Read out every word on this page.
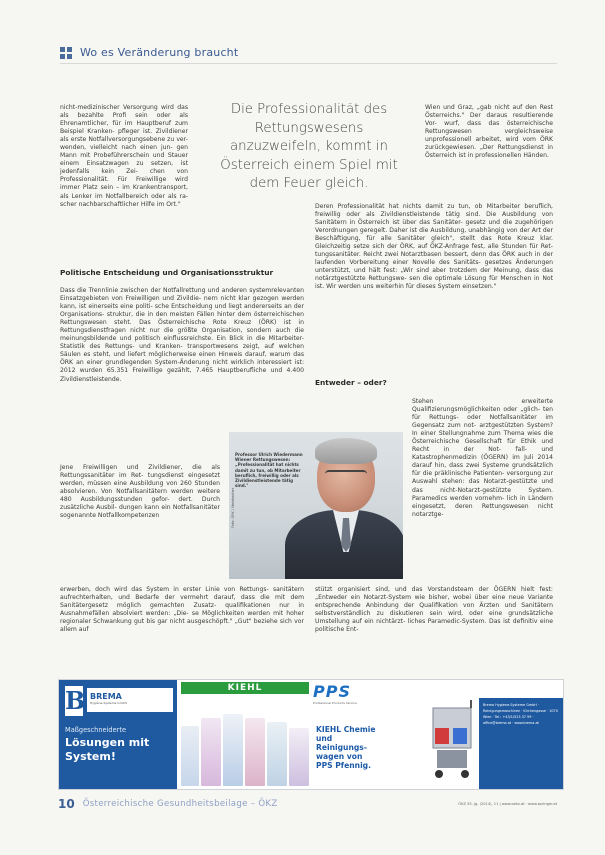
Wo es Veränderung braucht

nicht-medizinischer Versorgung wird das als bezahlte Profi sein oder als Ehrenamtlicher, für im Hauptberuf zum Beispiel Kranken- pfleger ist. Zivildiener als erste Notfallversorgungsebene zu ver- wenden, vielleicht nach einen jun- gen Mann mit Probeführerschein und Stauer einem Einsatzwagen zu setzen, ist jedenfalls kein Zei- chen von Professionalität. Für Freiwillige wird immer Platz sein – im Krankentransport, als Lenker im Notfallbereich oder als ra- scher nachbarschaftlicher Hilfe im Ort."

Die Professionalität des Rettungswesens anzuzweifeln, kommt in Österreich einem Spiel mit dem Feuer gleich.

Wien und Graz, „gab nicht auf den Rest Österreichs." Der daraus resultierende Vor- wurf, dass das österreichische Rettungswesen vergleichsweise unprofessionell arbeitet, wird vom ÖRK zurückgewiesen. „Der Rettungsdienst in Österreich ist in professionellen Händen.

Deren Professionalität hat nichts damit zu tun, ob Mitarbeiter beruflich, freiwillig oder als Zivildienstleistende tätig sind. Die Ausbildung von Sanitätern in Österreich ist über das Sanitäter- gesetz und die zugehörigen Verordnungen geregelt. Daher ist die Ausbildung, unabhängig von der Art der Beschäftigung, für alle Sanitäter gleich", stellt das Rote Kreuz klar. Gleichzeitig setze sich der ÖRK, auf ÖKZ-Anfrage fest, alle Stunden für Ret- tungssanitäter. Reicht zwei Notarztbasen bessert, denn das ÖRK auch in der laufenden Vorbereitung einer Novelle des Sanitäts- gesetzes Änderungen unterstützt, und hält fest: „Wir sind aber trotzdem der Meinung, dass das notärztgestützte Rettungswe- sen die optimale Lösung für Menschen in Not ist. Wir werden uns weiterhin für dieses System einsetzen."

Politische Entscheidung und Organisationsstruktur

Dass die Trennlinie zwischen der Notfallrettung und anderen systemrelevanten Einsatzgebieten von Freiwilligen und Zivildie- nern nicht klar gezogen werden kann, ist einerseits eine politi- sche Entscheidung und liegt andererseits an der Organisations- struktur, die in den meisten Fällen hinter dem österreichischen Rettungswesen steht. Das Österreichische Rote Kreuz (ÖRK) ist in Rettungsdienstfragen nicht nur die größte Organisation, sondern auch die meinungsbildende und politisch einflussreichste. Ein Blick in die Mitarbeiter-Statistik des Rettungs- und Kranken- transportwesens zeigt, auf welchen Säulen es steht, und liefert möglicherweise einen Hinweis darauf, warum das ÖRK an einer grundlegenden System-Änderung nicht wirklich interessiert ist: 2012 wurden 65.351 Freiwillige gezählt, 7.465 Hauptberufliche und 4.400 Zivildienstleistende.	Entweder – oder?

Stehen erweiterte Qualifizierungsmöglichkeiten oder „glich- ten für Rettungs- oder Notfallsanitäter im Gegensatz zum not- arztgestützten System? In einer Stellungnahme zum Thema wies die Österreichische Gesellschaft für Ethik und Recht in der Not- fall- und Katastrophenmedizin (ÖGERN) im Juli 2014 darauf hin, dass zwei Systeme grundsätzlich für die präklinische Patienten- versorgung zur Auswahl stehen: das Notarzt-gestützte und das nicht-Notarzt-gestützte System. Paramedics werden vornehm- lich in Ländern eingesetzt, deren Rettungswesen nicht notarztge-

Jene Freiwilligen und Zivildiener, die als Rettungssanitäter im Ret- tungsdienst eingesetzt werden, müssen eine Ausbildung von 260 Stunden absolvieren. Von Notfallsanitätern werden weitere 480 Ausbildungsstunden gefor- dert. Durch zusätzliche Ausbil- dungen kann ein Notfallsanitäter sogenannte Notfallkompetenzen

Professor Ulrich Wiedermann
Wiener Rettungswesen:
„Professionalität hat nichts damit zu tun, ob Mitarbeiter beruflich, freiwillig oder als Zivildienstleistende tätig sind."
Foto: ÖRK / Weinbacher

erwerben, doch wird das System in erster Linie von Rettungs- sanitätern aufrechterhalten, und Bedarfe der vermehrt darauf, dass die mit dem Sanitätergesetz möglich gemachten Zusatz- qualifikationen nur in Ausnahmefällen absolviert werden: „Die- se Möglichkeiten werden mit hoher regionaler Schwankung gut bis gar nicht ausgeschöpft." „Gut" beziehe sich vor allem auf

stützt organisiert sind, und das Vorstandsteam der ÖGERN hielt fest: „Entweder ein Notarzt-System wie bisher, wobei über eine neue Variante entsprechende Anbindung der Qualifikation von Ärzten und Sanitätern selbstverständlich zu diskutieren sein wird, oder eine grundsätzliche Umstellung auf ein nichtärzt- liches Paramedic-System. Das ist definitiv eine politische Ent-

B BREMA
Hygiene-Systeme GmbH
Maßgeschneiderte
Lösungen mit System!
KIEHL	PPS
Professional Products Service
KIEHL Chemie
und
Reinigungs-
wagen von
PPS Pfennig.
Brema Hygiene-Systeme GmbH · Reinigungsmaschinen · Kirchengasse · 1070 Wien · Tel.: +43/1/523 37 99 · office@brema.at · www.brema.at
10 Österreichische Gesundheitsbeilage – ÖKZ	ÖKZ 55. Jg. (2014), 11 | www.oekz.at · www.springer.at
